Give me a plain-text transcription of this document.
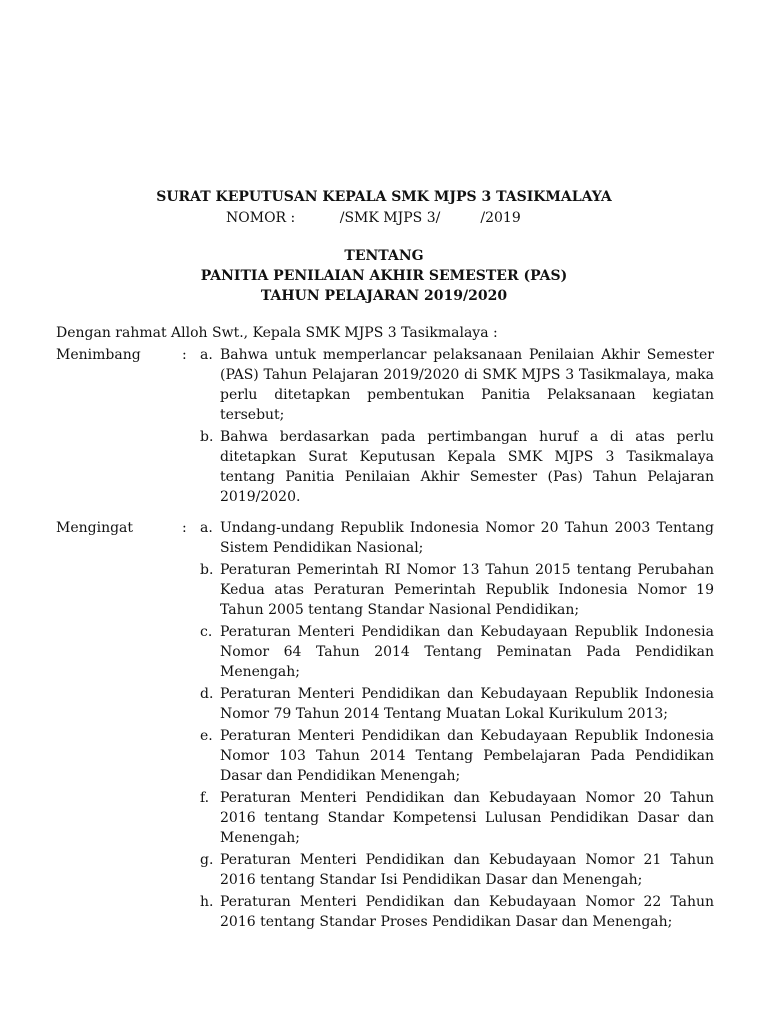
SURAT KEPUTUSAN KEPALA SMK MJPS 3 TASIKMALAYA
NOMOR :          /SMK MJPS 3/         /2019
TENTANG
PANITIA PENILAIAN AKHIR SEMESTER (PAS)
TAHUN PELAJARAN 2019/2020
Dengan rahmat Alloh Swt., Kepala SMK MJPS 3 Tasikmalaya :
Menimbang	: a. Bahwa untuk memperlancar pelaksanaan Penilaian Akhir Semester (PAS) Tahun Pelajaran 2019/2020 di SMK MJPS 3 Tasikmalaya, maka perlu ditetapkan pembentukan Panitia Pelaksanaan kegiatan tersebut;
b. Bahwa berdasarkan pada pertimbangan huruf a di atas perlu ditetapkan Surat Keputusan Kepala SMK MJPS 3 Tasikmalaya tentang Panitia Penilaian Akhir Semester (Pas) Tahun Pelajaran 2019/2020.
Mengingat	: a. Undang-undang Republik Indonesia Nomor 20 Tahun 2003 Tentang Sistem Pendidikan Nasional;
b. Peraturan Pemerintah RI Nomor 13 Tahun 2015 tentang Perubahan Kedua atas Peraturan Pemerintah Republik Indonesia Nomor 19 Tahun 2005 tentang Standar Nasional Pendidikan;
c. Peraturan Menteri Pendidikan dan Kebudayaan Republik Indonesia Nomor 64 Tahun 2014 Tentang Peminatan Pada Pendidikan Menengah;
d. Peraturan Menteri Pendidikan dan Kebudayaan Republik Indonesia Nomor 79 Tahun 2014 Tentang Muatan Lokal Kurikulum 2013;
e. Peraturan Menteri Pendidikan dan Kebudayaan Republik Indonesia Nomor 103 Tahun 2014 Tentang Pembelajaran Pada Pendidikan Dasar dan Pendidikan Menengah;
f. Peraturan Menteri Pendidikan dan Kebudayaan Nomor 20 Tahun 2016 tentang Standar Kompetensi Lulusan Pendidikan Dasar dan Menengah;
g. Peraturan Menteri Pendidikan dan Kebudayaan Nomor 21 Tahun 2016 tentang Standar Isi Pendidikan Dasar dan Menengah;
h. Peraturan Menteri Pendidikan dan Kebudayaan Nomor 22 Tahun 2016 tentang Standar Proses Pendidikan Dasar dan Menengah;
